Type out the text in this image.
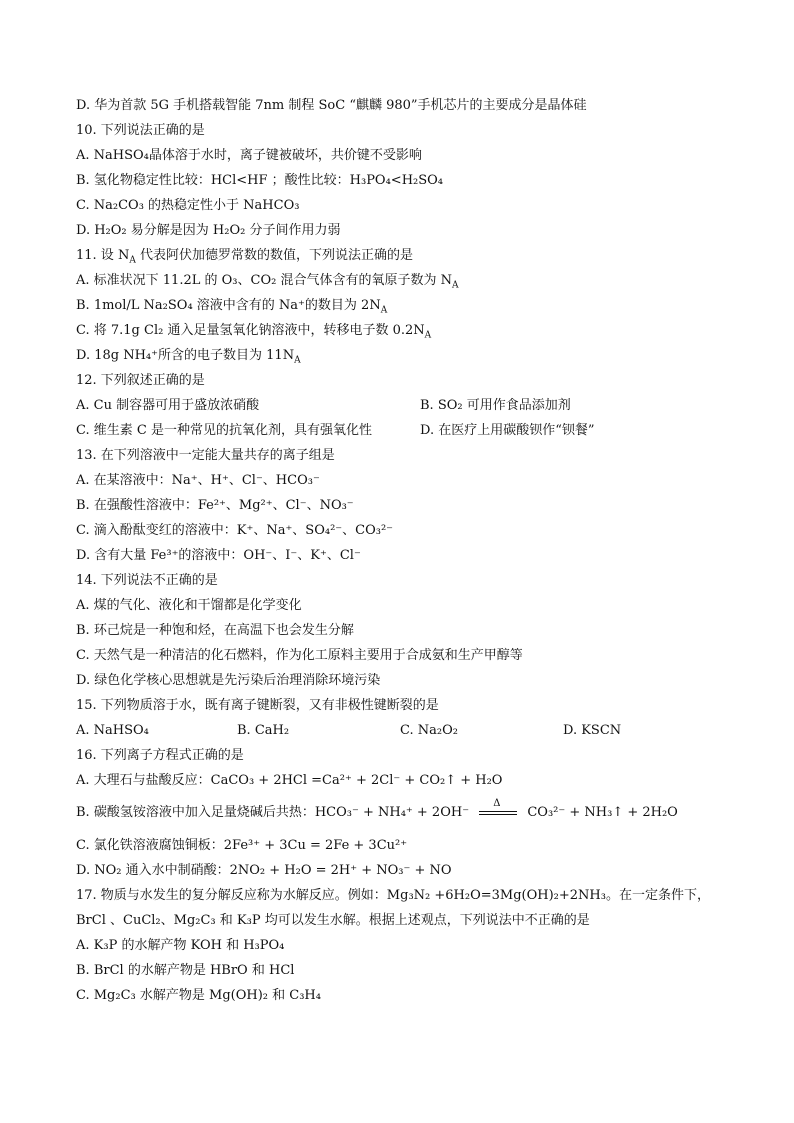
D. 华为首款 5G 手机搭载智能 7nm 制程 SoC “麒麟 980”手机芯片的主要成分是晶体硅
10. 下列说法正确的是
A. NaHSO₄晶体溶于水时，离子键被破坏，共价键不受影响
B. 氢化物稳定性比较：HCl<HF ；酸性比较：H₃PO₄<H₂SO₄
C. Na₂CO₃ 的热稳定性小于 NaHCO₃
D. H₂O₂ 易分解是因为 H₂O₂ 分子间作用力弱
11. 设 $N_A$ 代表阿伏加德罗常数的数值，下列说法正确的是
A. 标准状况下 11.2L 的 O₃、CO₂ 混合气体含有的氧原子数为 $N_A$
B. 1mol/L Na₂SO₄ 溶液中含有的 Na⁺的数目为 $2N_A$
C. 将 7.1g Cl₂ 通入足量氢氧化钠溶液中，转移电子数 $0.2N_A$
D. 18g NH₄⁺所含的电子数目为 $11N_A$
12. 下列叙述正确的是
A. Cu 制容器可用于盛放浓硝酸	B. SO₂ 可用作食品添加剂
C. 维生素 C 是一种常见的抗氧化剂，具有强氧化性	D. 在医疗上用碳酸钡作“钡餐”
13. 在下列溶液中一定能大量共存的离子组是
A. 在某溶液中：Na⁺、H⁺、Cl⁻、HCO₃⁻
B. 在强酸性溶液中：Fe²⁺、Mg²⁺、Cl⁻、NO₃⁻
C. 滴入酚酞变红的溶液中：K⁺、Na⁺、SO₄²⁻、CO₃²⁻
D. 含有大量 Fe³⁺的溶液中：OH⁻、I⁻、K⁺、Cl⁻
14. 下列说法不正确的是
A. 煤的气化、液化和干馏都是化学变化
B. 环己烷是一种饱和烃，在高温下也会发生分解
C. 天然气是一种清洁的化石燃料，作为化工原料主要用于合成氨和生产甲醇等
D. 绿色化学核心思想就是先污染后治理消除环境污染
15. 下列物质溶于水，既有离子键断裂，又有非极性键断裂的是
A. NaHSO₄	B. CaH₂	C. Na₂O₂	D. KSCN
16. 下列离子方程式正确的是
A. 大理石与盐酸反应：CaCO₃ + 2HCl =Ca²⁺ + 2Cl⁻ + CO₂↑ + H₂O
B. 碳酸氢铵溶液中加入足量烧碱后共热：HCO₃⁻ + NH₄⁺ + 2OH⁻
Δ
CO₃²⁻ + NH₃↑ + 2H₂O
C. 氯化铁溶液腐蚀铜板：2Fe³⁺ + 3Cu = 2Fe + 3Cu²⁺
D. NO₂ 通入水中制硝酸：2NO₂ + H₂O = 2H⁺ + NO₃⁻ + NO
17. 物质与水发生的复分解反应称为水解反应。例如：Mg₃N₂ +6H₂O=3Mg(OH)₂+2NH₃。在一定条件下，
BrCl 、CuCl₂、Mg₂C₃ 和 K₃P 均可以发生水解。根据上述观点，下列说法中不正确的是
A. K₃P 的水解产物 KOH 和 H₃PO₄
B. BrCl 的水解产物是 HBrO 和 HCl
C. Mg₂C₃ 水解产物是 Mg(OH)₂ 和 C₃H₄
